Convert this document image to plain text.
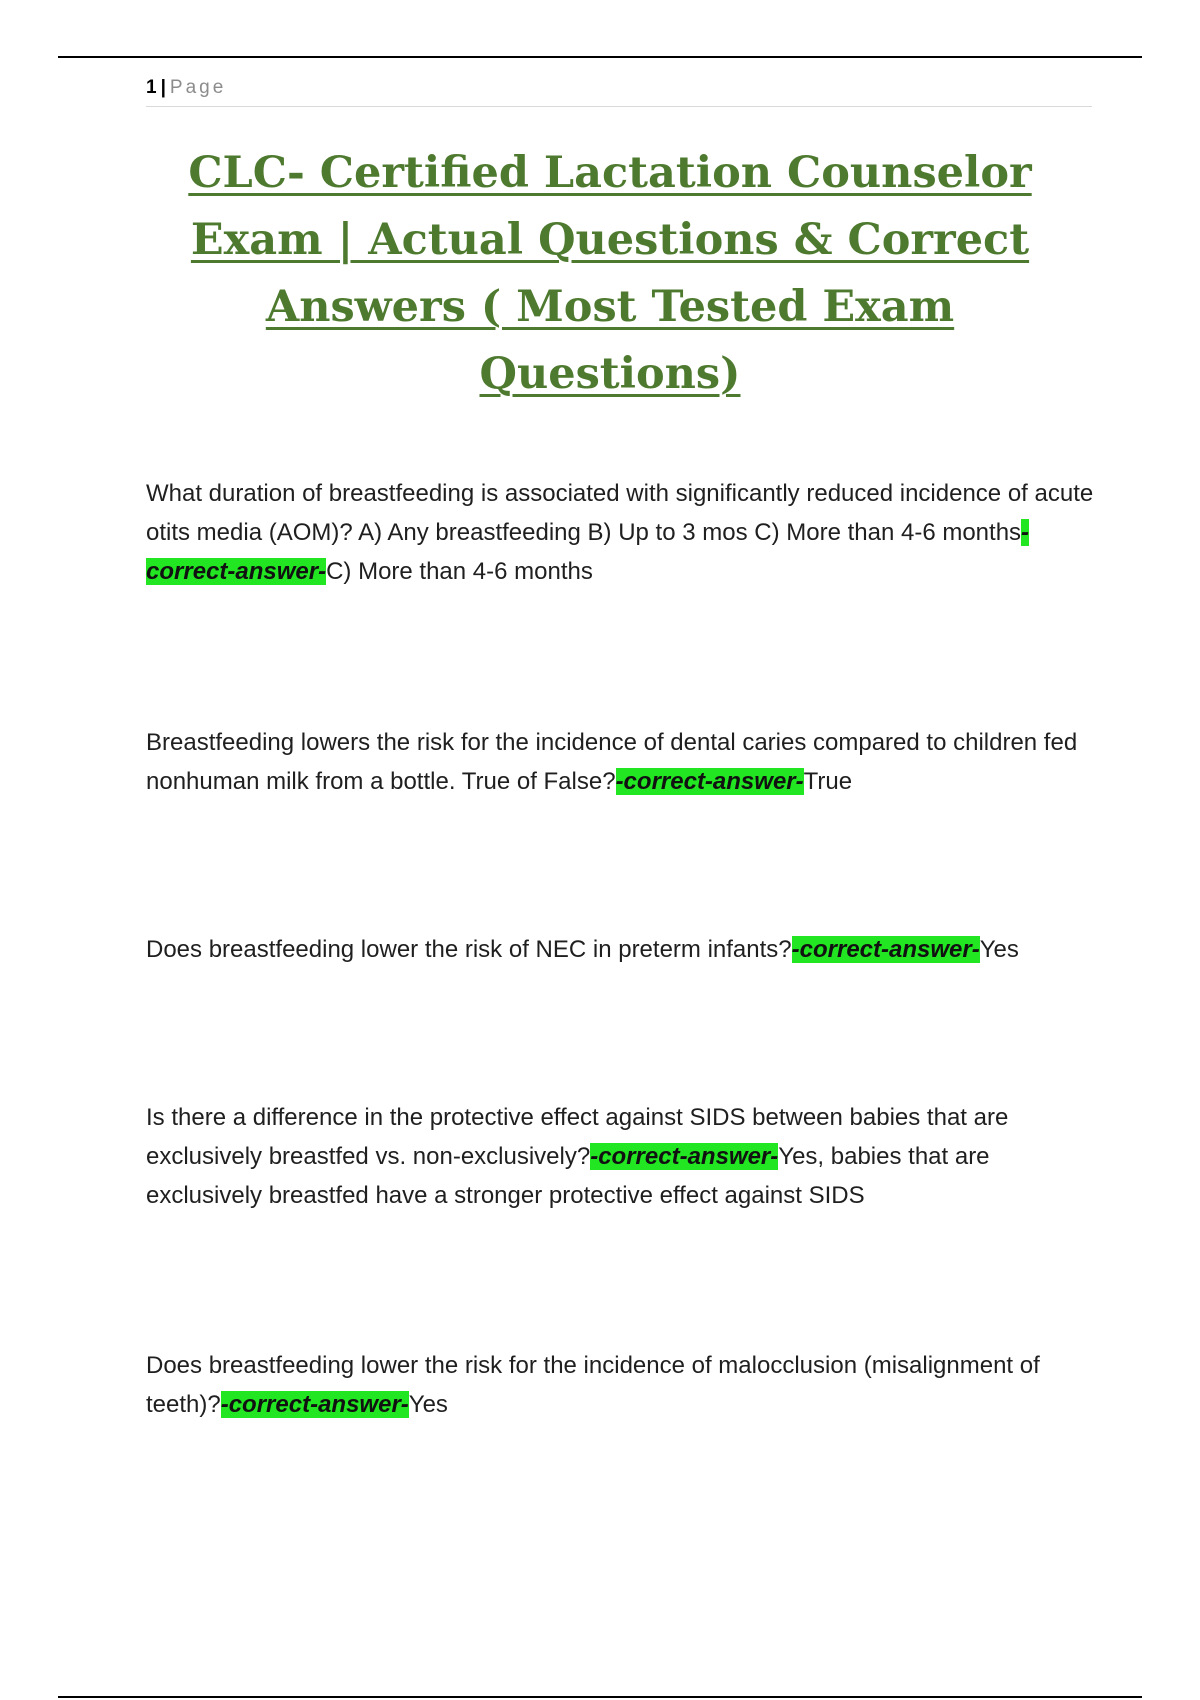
1 | Page
CLC- Certified Lactation Counselor Exam | Actual Questions & Correct Answers ( Most Tested Exam Questions)

What duration of breastfeeding is associated with significantly reduced incidence of acute otits media (AOM)? A) Any breastfeeding B) Up to 3 mos C) More than 4-6 months-correct-answer-C) More than 4-6 months

Breastfeeding lowers the risk for the incidence of dental caries compared to children fed nonhuman milk from a bottle. True of False?-correct-answer-True

Does breastfeeding lower the risk of NEC in preterm infants?-correct-answer-Yes

Is there a difference in the protective effect against SIDS between babies that are exclusively breastfed vs. non-exclusively?-correct-answer-Yes, babies that are exclusively breastfed have a stronger protective effect against SIDS

Does breastfeeding lower the risk for the incidence of malocclusion (misalignment of teeth)?-correct-answer-Yes
